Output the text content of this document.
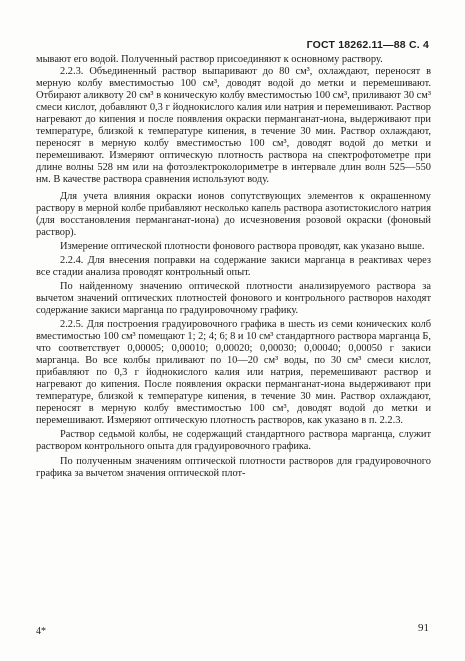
ГОСТ 18262.11—88 С. 4

мывают его водой. Полученный раствор присоединяют к основному раствору.

2.2.3. Объединенный раствор выпаривают до 80 см³, охлаждают, переносят в мерную колбу вместимостью 100 см³, доводят водой до метки и перемешивают. Отбирают аликвоту 20 см³ в коническую колбу вместимостью 100 см³, приливают 30 см³ смеси кислот, добавляют 0,3 г йоднокислого калия или натрия и перемешивают. Раствор нагревают до кипения и после появления окраски перманганат-иона, выдерживают при температуре, близкой к температуре кипения, в течение 30 мин. Раствор охлаждают, переносят в мерную колбу вместимостью 100 см³, доводят водой до метки и перемешивают. Измеряют оптическую плотность раствора на спектрофотометре при длине волны 528 нм или на фотоэлектроколориметре в интервале длин волн 525—550 нм. В качестве раствора сравнения используют воду.

Для учета влияния окраски ионов сопутствующих элементов к окрашенному раствору в мерной колбе прибавляют несколько капель раствора азотистокислого натрия (для восстановления перманганат-иона) до исчезновения розовой окраски (фоновый раствор).

Измерение оптической плотности фонового раствора проводят, как указано выше.

2.2.4. Для внесения поправки на содержание закиси марганца в реактивах через все стадии анализа проводят контрольный опыт.

По найденному значению оптической плотности анализируемого раствора за вычетом значений оптических плотностей фонового и контрольного растворов находят содержание закиси марганца по градуировочному графику.

2.2.5. Для построения градуировочного графика в шесть из семи конических колб вместимостью 100 см³ помещают 1; 2; 4; 6; 8 и 10 см³ стандартного раствора марганца Б, что соответствует 0,00005; 0,00010; 0,00020; 0,00030; 0,00040; 0,00050 г закиси марганца. Во все колбы приливают по 10—20 см³ воды, по 30 см³ смеси кислот, прибавляют по 0,3 г йоднокислого калия или натрия, перемешивают раствор и нагревают до кипения. После появления окраски перманганат-иона выдерживают при температуре, близкой к температуре кипения, в течение 30 мин. Раствор охлаждают, переносят в мерную колбу вместимостью 100 см³, доводят водой до метки и перемешивают. Измеряют оптическую плотность растворов, как указано в п. 2.2.3.

Раствор седьмой колбы, не содержащий стандартного раствора марганца, служит раствором контрольного опыта для градуировочного графика.

По полученным значениям оптической плотности растворов для градуировочного графика за вычетом значения оптической плот-

4*	91
